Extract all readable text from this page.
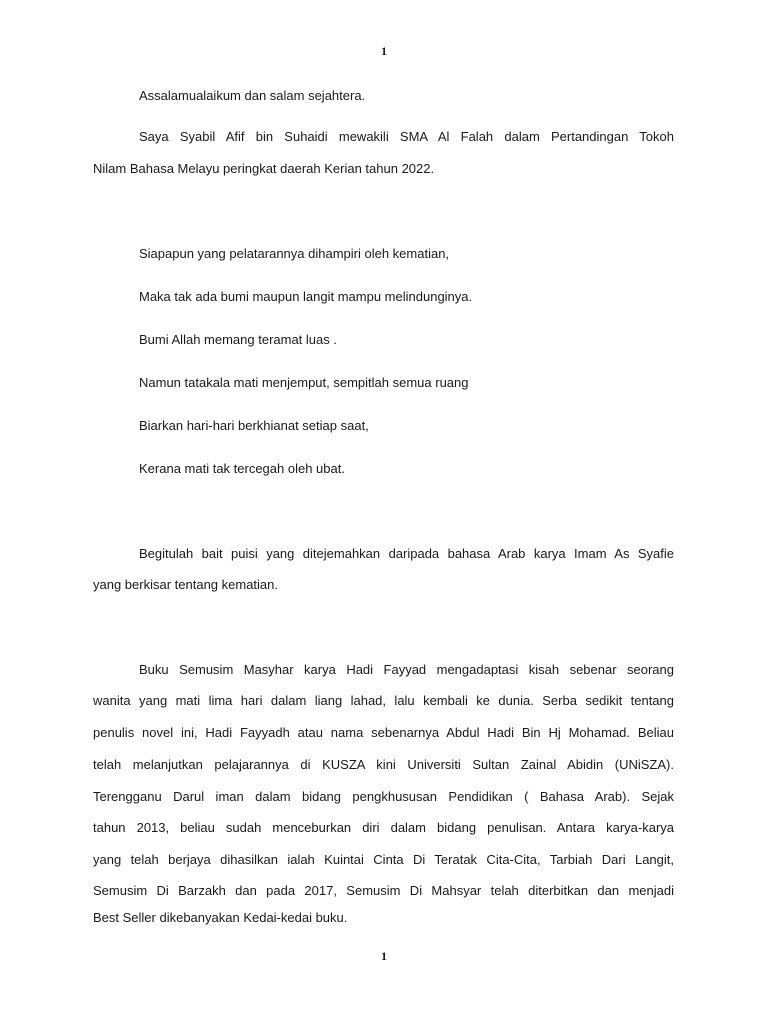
1
Assalamualaikum dan salam sejahtera.
Saya Syabil Afif bin Suhaidi mewakili SMA Al Falah dalam Pertandingan Tokoh
Nilam Bahasa Melayu peringkat daerah Kerian tahun 2022.
Siapapun yang pelatarannya dihampiri oleh kematian,
Maka tak ada bumi maupun langit mampu melindunginya.
Bumi Allah memang teramat luas .
Namun tatakala mati menjemput, sempitlah semua ruang
Biarkan hari-hari berkhianat setiap saat,
Kerana mati tak tercegah oleh ubat.
Begitulah bait puisi yang ditejemahkan daripada bahasa Arab karya Imam As Syafie
yang berkisar tentang kematian.
Buku Semusim Masyhar karya Hadi Fayyad mengadaptasi kisah sebenar seorang
wanita yang mati lima hari dalam liang lahad, lalu kembali ke dunia. Serba sedikit tentang
penulis novel ini, Hadi Fayyadh atau nama sebenarnya Abdul Hadi Bin Hj Mohamad. Beliau
telah melanjutkan pelajarannya di KUSZA kini Universiti Sultan Zainal Abidin (UNiSZA).
Terengganu Darul iman dalam bidang pengkhususan Pendidikan ( Bahasa Arab). Sejak
tahun 2013, beliau sudah menceburkan diri dalam bidang penulisan. Antara karya-karya
yang telah berjaya dihasilkan ialah Kuintai Cinta Di Teratak Cita-Cita, Tarbiah Dari Langit,
Semusim Di Barzakh dan pada 2017, Semusim Di Mahsyar telah diterbitkan dan menjadi
Best Seller dikebanyakan Kedai-kedai buku.
1
